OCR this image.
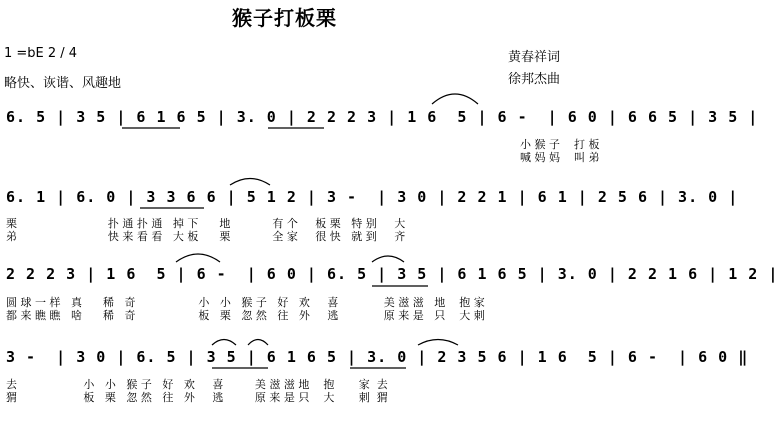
猴子打板栗
1 =bE 2 / 4
略快、诙谐、风趣地
黄春祥词
徐邦杰曲
6. 5 | 3 5 | 6 1 6 5 | 3. 0 | 2 2 2 3 | 1 6  5 | 6 -  | 6 0 | 6 6 5 | 3 5 |
小 猴 子    打 板
喊 妈 妈    叫 弟
6. 1 | 6. 0 | 3 3 6 6 | 5 1 2 | 3 -  | 3 0 | 2 2 1 | 6 1 | 2 5 6 | 3. 0 |
栗                          扑 通 扑 通   掉 下      地            有 个     板 栗   特 别     大
弟                          快 来 看 看   大 板      栗            全 家     很 快   就 到     齐
2 2 2 3 | 1 6  5 | 6 -  | 6 0 | 6. 5 | 3 5 | 6 1 6 5 | 3. 0 | 2 2 1 6 | 1 2 |
圆 球 一 样   真      稀   奇                  小   小   猴 子   好   欢     喜             美 滋 滋   地    抱 家
都 来 瞧 瞧   啥      稀   奇                  板   栗   忽 然   往   外     逃             原 来 是   只    大 刺
3 -  | 3 0 | 6. 5 | 3 5 | 6 1 6 5 | 3. 0 | 2 3 5 6 | 1 6  5 | 6 -  | 6 0 ‖
去                   小   小   猴 子   好   欢     喜         美 滋 滋 地    抱       家  去
猬                   板   栗   忽 然   往   外     逃         原 来 是 只    大       刺  猬
